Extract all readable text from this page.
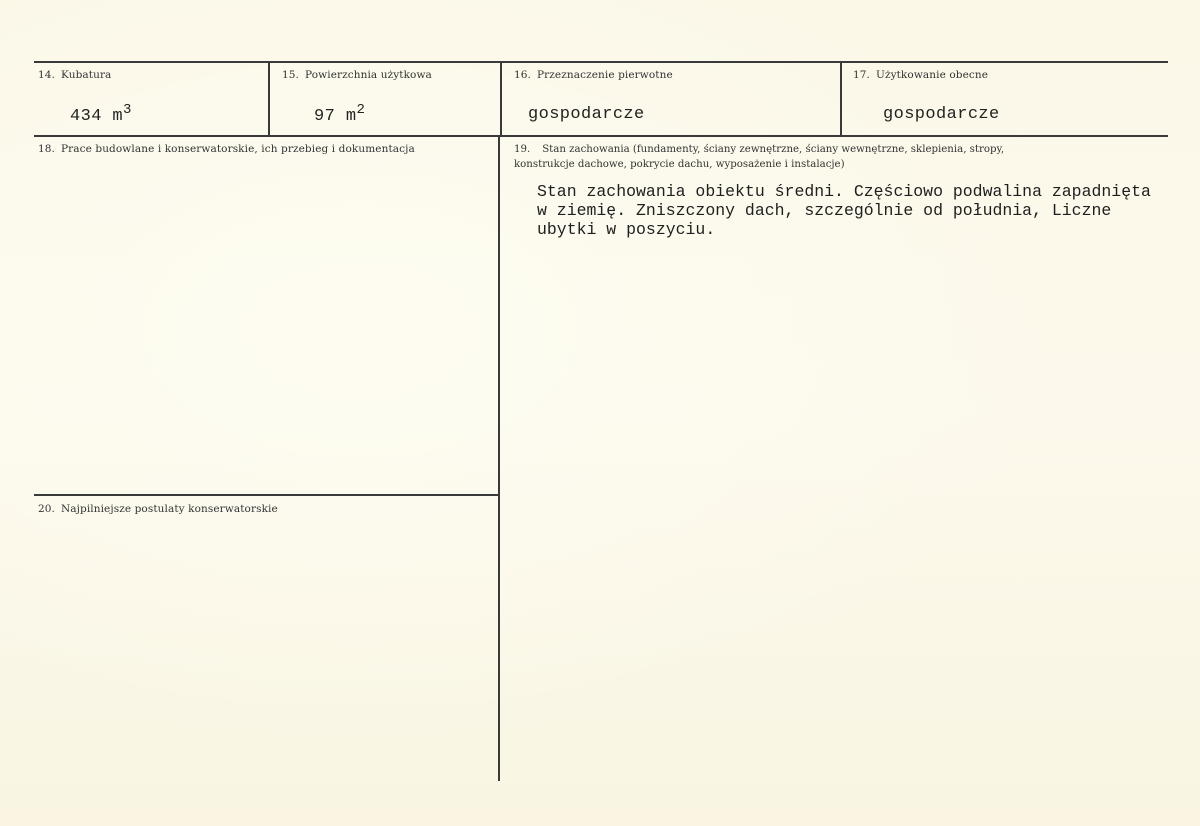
14. Kubatura
434 $m^3$
15. Powierzchnia użytkowa
97 $m^2$
16. Przeznaczenie pierwotne
gospodarcze
17. Użytkowanie obecne
gospodarcze
18. Prace budowlane i konserwatorskie, ich przebieg i dokumentacja	19. Stan zachowania (fundamenty, ściany zewnętrzne, ściany wewnętrzne, sklepienia, stropy,
konstrukcje dachowe, pokrycie dachu, wyposażenie i instalacje)
Stan zachowania obiektu średni. Częściowo podwalina zapadnięta
w ziemię. Zniszczony dach, szczególnie od południa, Liczne
ubytki w poszyciu.
20. Najpilniejsze postulaty konserwatorskie
